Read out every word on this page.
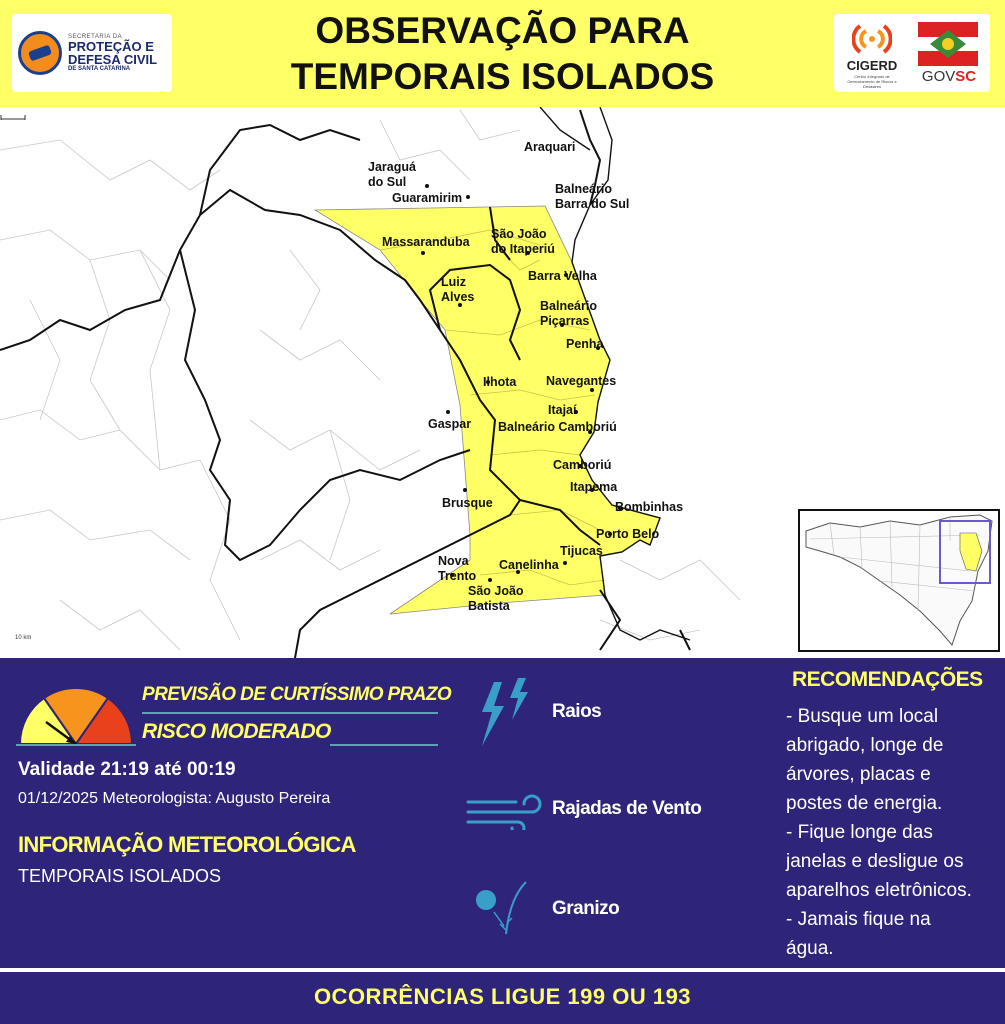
SECRETARIA DA
PROTEÇÃO E
DEFESA CIVIL
DE SANTA CATARINA
OBSERVAÇÃO PARA
TEMPORAIS ISOLADOS	CIGERD
Centro Integrado de Gerenciamento de Riscos e Desastres
GOVSC
Jaraguá
do Sul
Araquari
Guaramirim
Balneário
Barra do Sul
Massaranduba
São João
do Itaperiú
Barra Velha
Luiz
Alves
Balneário
Piçarras
Penha
Ilhota Navegantes
Itajaí
Gaspar Balneário Camboriú
Camboriú
Itapema
Brusque	Bombinhas
Porto Belo
Tijucas
Nova
Trento
Canelinha
São João
Batista
10 km
PREVISÃO DE CURTÍSSIMO PRAZO
RISCO MODERADO
Validade 21:19 até 00:19
01/12/2025 Meteorologista: Augusto Pereira
INFORMAÇÃO METEOROLÓGICA
TEMPORAIS ISOLADOS
Raios
Rajadas de Vento
Granizo
RECOMENDAÇÕES
- Busque um local
abrigado, longe de
árvores, placas e
postes de energia.
- Fique longe das
janelas e desligue os
aparelhos eletrônicos.
- Jamais fique na
água.
OCORRÊNCIAS LIGUE 199 OU 193
